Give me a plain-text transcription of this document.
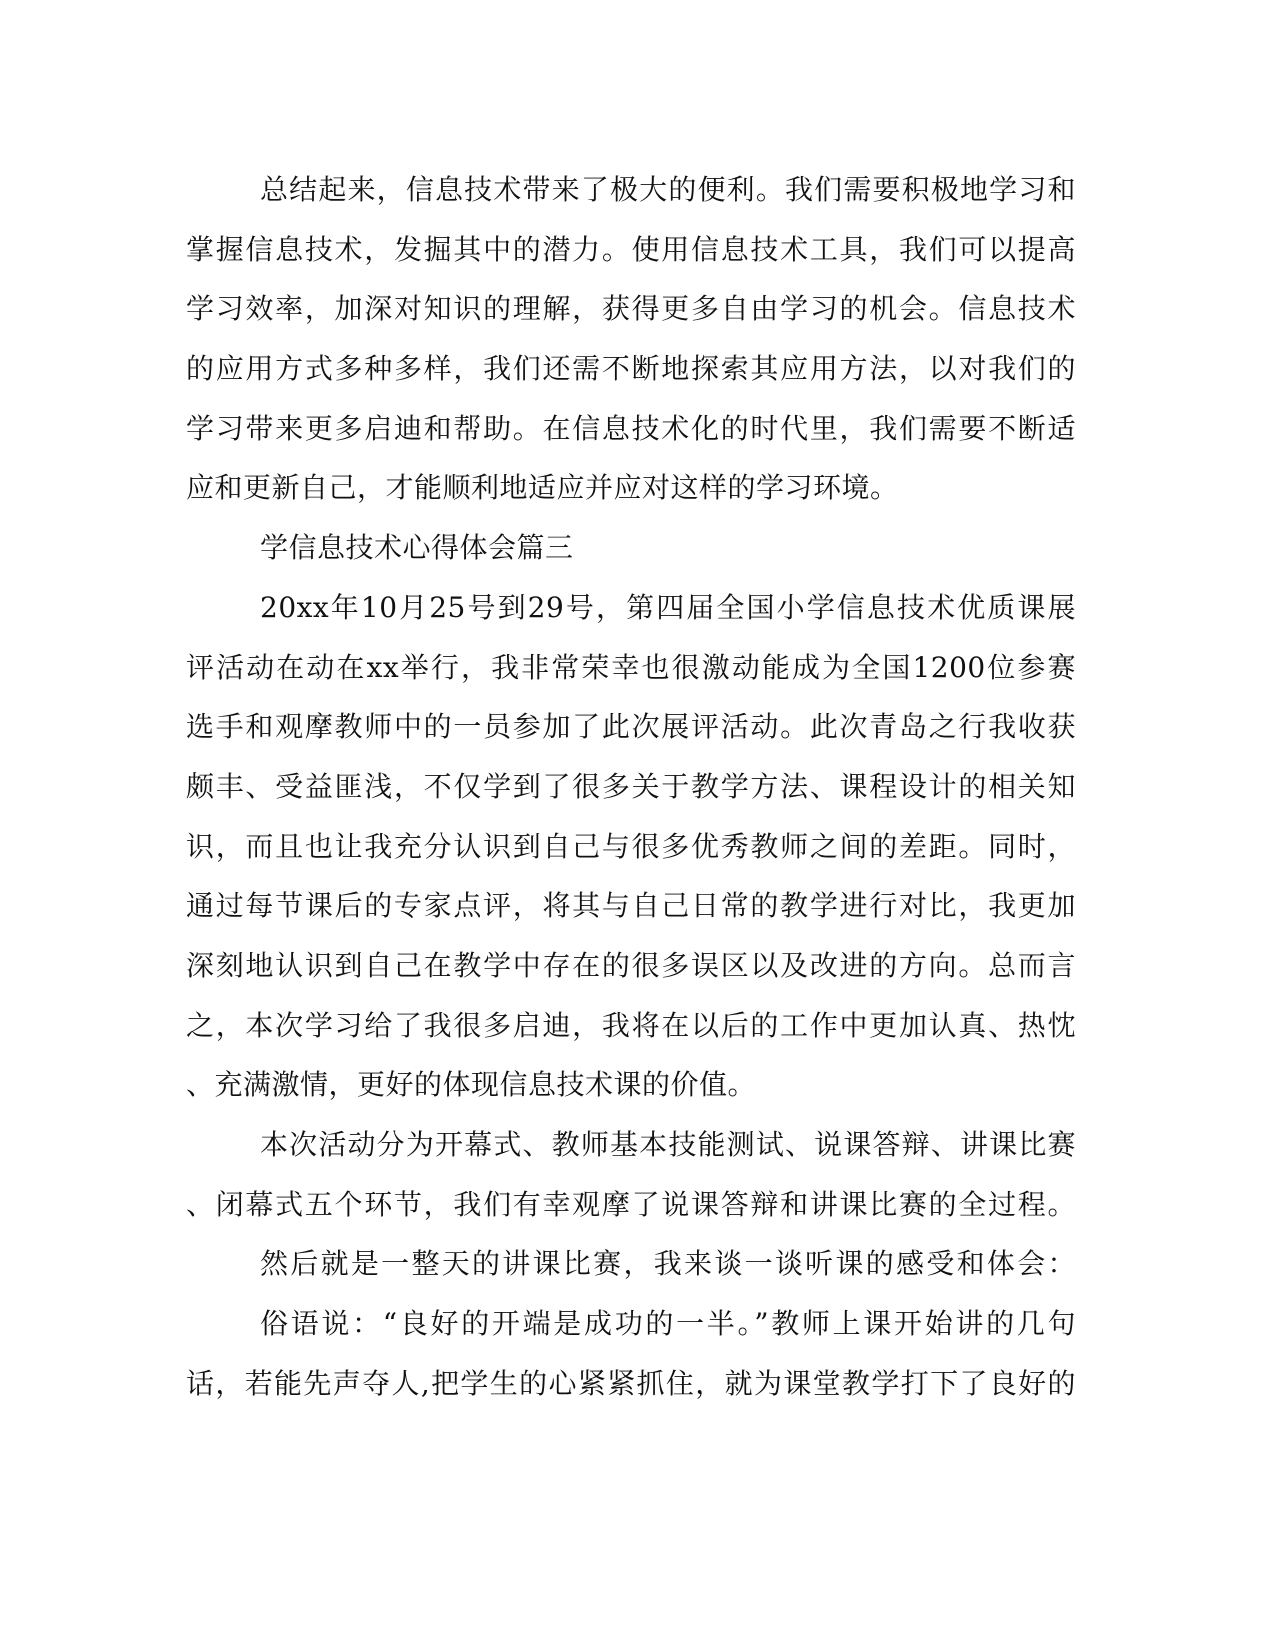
总结起来，信息技术带来了极大的便利。我们需要积极地学习和
掌握信息技术，发掘其中的潜力。使用信息技术工具，我们可以提高
学习效率，加深对知识的理解，获得更多自由学习的机会。信息技术
的应用方式多种多样，我们还需不断地探索其应用方法，以对我们的
学习带来更多启迪和帮助。在信息技术化的时代里，我们需要不断适
应和更新自己，才能顺利地适应并应对这样的学习环境。
学信息技术心得体会篇三
20xx年10月25号到29号，第四届全国小学信息技术优质课展
评活动在动在xx举行，我非常荣幸也很激动能成为全国1200位参赛
选手和观摩教师中的一员参加了此次展评活动。此次青岛之行我收获
颇丰、受益匪浅，不仅学到了很多关于教学方法、课程设计的相关知
识，而且也让我充分认识到自己与很多优秀教师之间的差距。同时，
通过每节课后的专家点评，将其与自己日常的教学进行对比，我更加
深刻地认识到自己在教学中存在的很多误区以及改进的方向。总而言
之，本次学习给了我很多启迪，我将在以后的工作中更加认真、热忱
、充满激情，更好的体现信息技术课的价值。
本次活动分为开幕式、教师基本技能测试、说课答辩、讲课比赛
、闭幕式五个环节，我们有幸观摩了说课答辩和讲课比赛的全过程。
然后就是一整天的讲课比赛，我来谈一谈听课的感受和体会：
俗语说：“良好的开端是成功的一半。”教师上课开始讲的几句
话，若能先声夺人,把学生的心紧紧抓住，就为课堂教学打下了良好的
